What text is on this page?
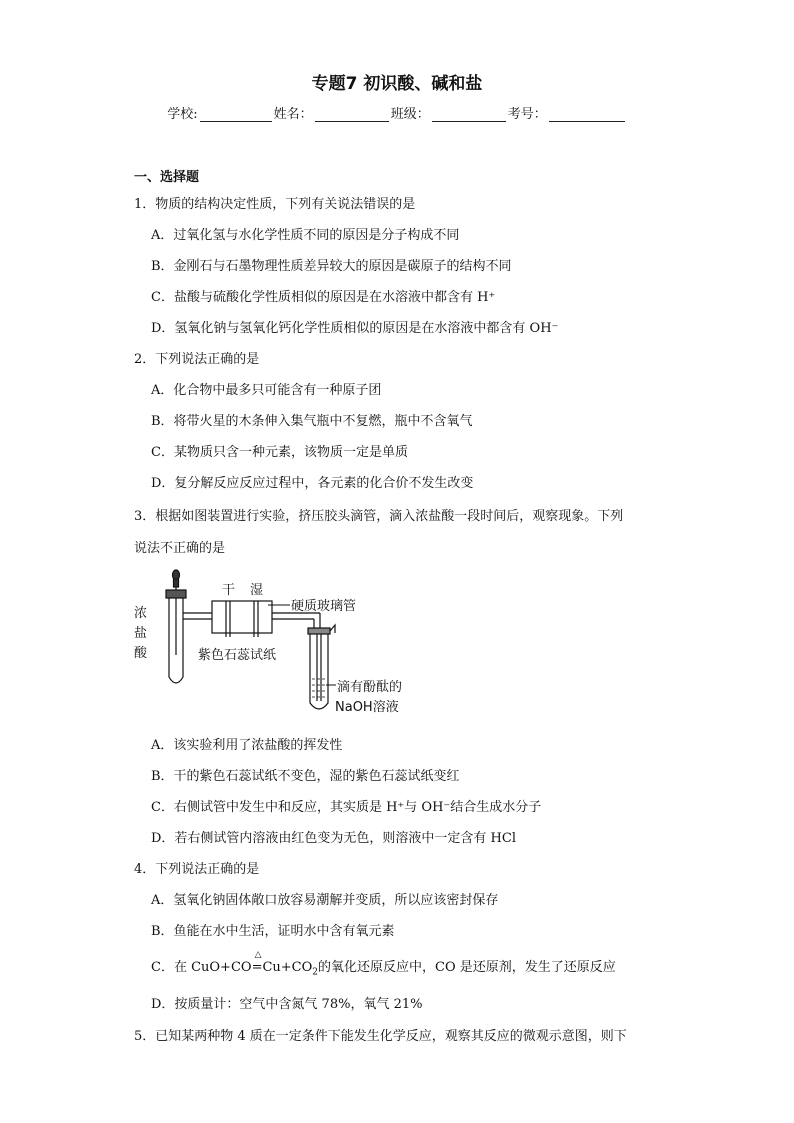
专题7 初识酸、碱和盐
学校:	姓名：	班级：	考号：
一、选择题
1．物质的结构决定性质，下列有关说法错误的是
A．过氧化氢与水化学性质不同的原因是分子构成不同
B．金刚石与石墨物理性质差异较大的原因是碳原子的结构不同
C．盐酸与硫酸化学性质相似的原因是在水溶液中都含有 H⁺
D．氢氧化钠与氢氧化钙化学性质相似的原因是在水溶液中都含有 OH⁻
2．下列说法正确的是
A．化合物中最多只可能含有一种原子团
B．将带火星的木条伸入集气瓶中不复燃，瓶中不含氧气
C．某物质只含一种元素，该物质一定是单质
D．复分解反应反应过程中，各元素的化合价不发生改变
3．根据如图装置进行实验，挤压胶头滴管，滴入浓盐酸一段时间后，观察现象。下列
说法不正确的是
浓
盐
酸
干 湿
硬质玻璃管
紫色石蕊试纸
滴有酚酞的
NaOH溶液
A．该实验利用了浓盐酸的挥发性
B．干的紫色石蕊试纸不变色，湿的紫色石蕊试纸变红
C．右侧试管中发生中和反应，其实质是 H⁺与 OH⁻结合生成水分子
D．若右侧试管内溶液由红色变为无色，则溶液中一定含有 HCl
4．下列说法正确的是
A．氢氧化钠固体敞口放容易潮解并变质，所以应该密封保存
B．鱼能在水中生活，证明水中含有氧元素
C．在 CuO+CO
△
$=Cu+CO_2$的氧化还原反应中，CO 是还原剂，发生了还原反应
D．按质量计：空气中含氮气 78%，氧气 21%
5．已知某两种物 4 质在一定条件下能发生化学反应，观察其反应的微观示意图，则下
